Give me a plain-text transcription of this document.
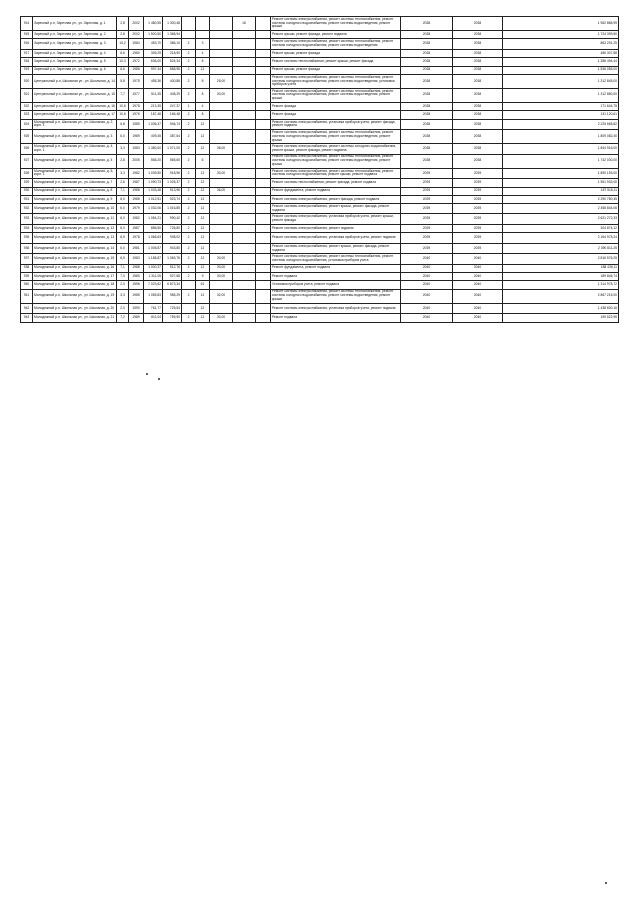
914	Заречный р-н, Заречная ул., ул. Заречная, д. 1	2,8	2002	1 480,55	1 300,48				16		Ремонт системы электроснабжения, ремонт системы теплоснабжения, ремонт системы холодного водоснабжения, ремонт системы водоотведения, ремонт крыши	2038	2038	1 962 886,99
915	Заречный р-н, Заречная ул., ул. Заречная, д. 2	2,8	2002	1 500,50	1 368,94						Ремонт крыши, ремонт фасада, ремонт подвала	2038	2038	1 724 399,50
916	Заречный р-н, Заречная ул., ул. Заречная, д. 3	10,2	1984	453,70	386,10	2	3				Ремонт системы электроснабжения, ремонт системы теплоснабжения, ремонт системы холодного водоснабжения, ремонт системы водоотведения	2038	2038	863 291,25
917	Заречный р-н, Заречная ул., ул. Заречная, д. 4	6,6	1980	305,29	218,90	2	4				Ремонт крыши, ремонт фасада	2038	2038	486 307,88
918	Заречный р-н, Заречная ул., ул. Заречная, д. 5	10,3	1972	636,00	524,34	2	8				Ремонт системы теплоснабжения, ремонт крыши, ремонт фасада	2038	2038	1 288 494,44
919	Заречный р-н, Заречная ул., ул. Заречная, д. 6	6,6	1986	997,34	858,96	2	12				Ремонт крыши, ремонт фасада	2038	2038	1 536 055,00
920	Центральный р-н, Школьная ул., ул. Школьная, д. 14	5,8	1975	455,36	400,88	2	8	25,00			Ремонт системы электроснабжения, ремонт системы теплоснабжения, ремонт системы холодного водоснабжения, ремонт системы водоотведения, установка приборов учета	2038	2038	1 312 845,00
921	Центральный р-н, Школьная ул., ул. Школьная, д. 15	7,7	1977	511,35	408,29	2	8	30,00			Ремонт системы электроснабжения, ремонт системы теплоснабжения, ремонт системы холодного водоснабжения, ремонт системы водоотведения, ремонт крыши	2038	2038	1 312 880,00
922	Центральный р-н, Школьная ул., ул. Школьная, д. 16	10,6	1978	213,35	247,37	1	4				Ремонт фасада	2038	2038	171 644,75
923	Центральный р-н, Школьная ул., ул. Школьная, д. 17	10,6	1976	187,48	166,48	2	8				Ремонт фасада	2038	2038	131 120,61
924	Молодежный р-н, Школьная ул., ул. Школьная, д. 2, корп. 1	6,8	1989	1 036,37	946,74	2	12				Ремонт системы электроснабжения, установка приборов учета, ремонт фасада, ремонт подвала	2038	2038	2 225 665,82
925	Молодежный р-н, Школьная ул., ул. Школьная, д. 3	6,0	1989	409,45	387,64	2	12				Ремонт системы электроснабжения, ремонт системы теплоснабжения, ремонт системы холодного водоснабжения, ремонт системы водоотведения, ремонт крыши	2038	2038	1 809 082,40
926	Молодежный р-н, Школьная ул., ул. Школьная, д. 4, корп. 1	3,3	1983	1 380,00	1 071,00	2	12	36,00			Ремонт системы электроснабжения, ремонт системы холодного водоснабжения, ремонт крыши, ремонт фасада, ремонт подвала	2038	2038	1 844 916,00
927	Молодежный р-н, Школьная ул., ул. Школьная, д. 5	2,8	2005	565,20	565,60	2	6				Ремонт системы электроснабжения, ремонт системы теплоснабжения, ремонт системы холодного водоснабжения, ремонт системы водоотведения, ремонт крыши	2038	2038	1 742 030,00
928	Молодежный р-н, Школьная ул., ул. Школьная, д. 5, корп. 1	3,3	1982	1 039,50	918,96	2	12	30,00			Ремонт системы электроснабжения, ремонт системы теплоснабжения, ремонт системы холодного водоснабжения, ремонт крыши, ремонт подвала	2039	2039	1 890 153,00
929	Молодежный р-н, Школьная ул., ул. Школьная, д. 7	2,6	1987	1 090,73	1 025,37	2	12				Ремонт системы теплоснабжения, ремонт фасада, ремонт подвала	2039	2039	1 551 932,00
930	Молодежный р-н, Школьная ул., ул. Школьная, д. 8	7,1	1988	1 033,48	913,96	2	12	36,00			Ремонт фундамента, ремонт подвала	2039	2039	187 916,11
931	Молодежный р-н, Школьная ул., ул. Школьная, д. 9	6,0	1985	1 012,51	923,74	2	12				Ремонт системы электроснабжения, ремонт фасада, ремонт подвала	2039	2039	2 290 780,45
932	Молодежный р-н, Школьная ул., ул. Школьная, д. 10	6,0	1979	1 032,06	1 016,85	2	12				Ремонт системы электроснабжения, ремонт крыши, ремонт фасада, ремонт подвала	2039	2039	2 458 844,06
933	Молодежный р-н, Школьная ул., ул. Школьная, д. 11	6,0	1982	1 054,21	990,42	2	12				Ремонт системы электроснабжения, установка приборов учета, ремонт крыши, ремонт фасада	2039	2039	2 621 272,33
934	Молодежный р-н, Школьная ул., ул. Школьная, д. 12	6,0	1987	856,50	726,80	2	12				Ремонт системы электроснабжения, ремонт подвала	2039	2039	204 874,12
935	Молодежный р-н, Школьная ул., ул. Школьная, д. 13	6,5	1978	1 066,63	938,02	2	12				Ремонт системы электроснабжения, установка приборов учета, ремонт подвала	2039	2039	2 164 975,24
936	Молодежный р-н, Школьная ул., ул. Школьная, д. 14	6,0	1981	1 005,87	943,80	2	12				Ремонт системы электроснабжения, ремонт крыши, ремонт фасада, ремонт подвала	2039	2039	2 390 811,25
937	Молодежный р-н, Школьная ул., ул. Школьная, д. 15	6,5	1983	1 185,87	1 063,76	2	12	30,00			Ремонт системы электроснабжения, ремонт системы теплоснабжения, ремонт системы холодного водоснабжения, установка приборов учета	2040	2040	2 816 576,25
938	Молодежный р-н, Школьная ул., ул. Школьная, д. 16	7,1	1988	1 000,37	912,76	2	12	30,00			Ремонт фундамента, ремонт подвала	2040	2040	188 436,11
939	Молодежный р-н, Школьная ул., ул. Школьная, д. 17	7,0	1980	1 311,05	927,68	2	9	30,00			Ремонт подвала	2040	2040	189 846,74
940	Молодежный р-н, Школьная ул., ул. Школьная, д. 18	2,0	1996	7 023,62	6 873,34		61				Установка приборов учета, ремонт подвала	2040	2040	1 314 978,72
941	Молодежный р-н, Школьная ул., ул. Школьная, д. 19	3,3	1985	1 055,83	985,29	2	12	32,00			Ремонт системы электроснабжения, ремонт системы теплоснабжения, ремонт системы холодного водоснабжения, ремонт системы водоотведения, ремонт крыши	2040	2040	2 867 215,00
942	Молодежный р-н, Школьная ул., ул. Школьная, д. 20	2,0	1990	761,77	725,54		12				Ремонт системы электроснабжения, установка приборов учета, ремонт подвала	2040	2040	1 438 600,16
943	Молодежный р-н, Школьная ул., ул. Школьная, д. 21	7,2	1989	811,04	759,90	2	12	30,00			Ремонт подвала	2040	2040	159 522,95
